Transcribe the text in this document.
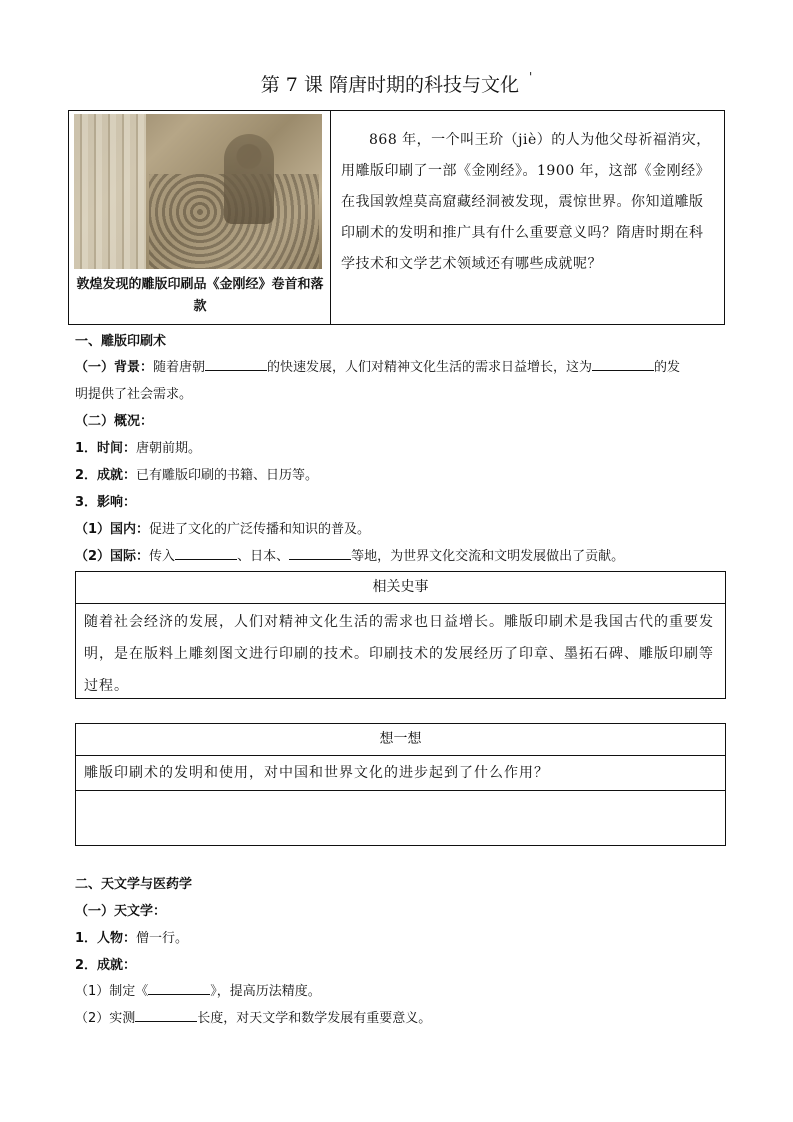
第 7 课 隋唐时期的科技与文化 '
敦煌发现的雕版印刷品《金刚经》卷首和落款
868 年，一个叫王玠（jiè）的人为他父母祈福消灾，用雕版印刷了一部《金刚经》。1900 年，这部《金刚经》在我国敦煌莫高窟藏经洞被发现，震惊世界。你知道雕版印刷术的发明和推广具有什么重要意义吗？隋唐时期在科学技术和文学艺术领域还有哪些成就呢？
一、雕版印刷术
（一）背景：随着唐朝	的快速发展，人们对精神文化生活的需求日益增长，这为	的发
明提供了社会需求。
（二）概况：
1．时间：唐朝前期。
2．成就：已有雕版印刷的书籍、日历等。
3．影响：
（1）国内：促进了文化的广泛传播和知识的普及。
（2）国际：传入	、日本、	等地，为世界文化交流和文明发展做出了贡献。
相关史事
随着社会经济的发展，人们对精神文化生活的需求也日益增长。雕版印刷术是我国古代的重要发明，是在版料上雕刻图文进行印刷的技术。印刷技术的发展经历了印章、墨拓石碑、雕版印刷等过程。
想一想
雕版印刷术的发明和使用，对中国和世界文化的进步起到了什么作用？
二、天文学与医药学
（一）天文学：
1．人物：僧一行。
2．成就：
（1）制定《	》，提高历法精度。
（2）实测	长度，对天文学和数学发展有重要意义。
